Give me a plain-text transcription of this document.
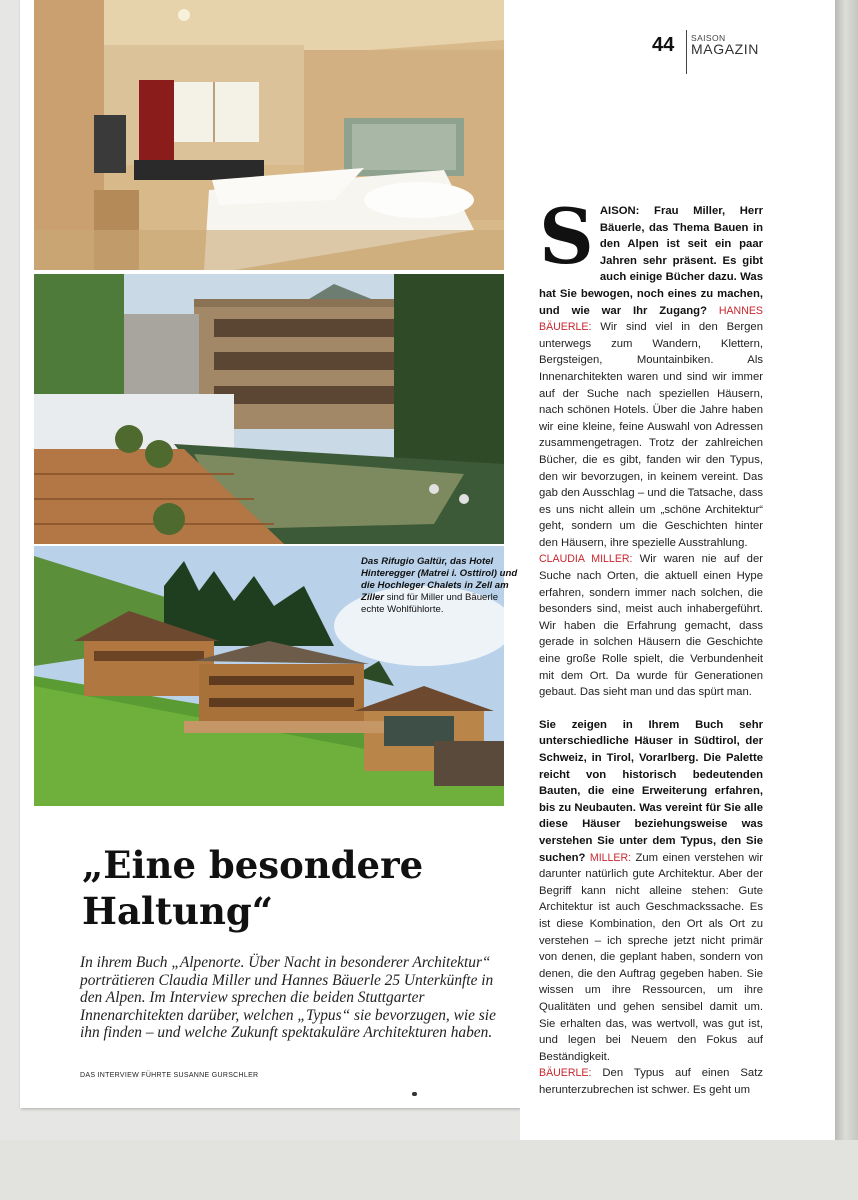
Das Rifugio Galtür, das Hotel Hinteregger (Matrei i. Osttirol) und die Hochleger Chalets in Zell am Ziller sind für Miller und Bäuerle echte Wohlfühlorte.
„Eine besondere
Haltung“

In ihrem Buch „Alpenorte. Über Nacht in besonderer Architektur“ porträtieren Claudia Miller und Hannes Bäuerle 25 Unterkünfte in den Alpen. Im Interview sprechen die beiden Stuttgarter Innenarchitekten darüber, welchen „Typus“ sie bevorzugen, wie sie ihn finden – und welche Zukunft spektakuläre Architekturen haben.

DAS INTERVIEW FÜHRTE SUSANNE GURSCHLER
44 SAISON
MAGAZIN

SAISON: Frau Miller, Herr Bäuerle, das Thema Bauen in den Alpen ist seit ein paar Jahren sehr präsent. Es gibt auch einige Bücher dazu. Was hat Sie bewogen, noch eines zu machen, und wie war Ihr Zugang? HANNES BÄUERLE: Wir sind viel in den Bergen unterwegs zum Wandern, Klettern, Bergsteigen, Mountainbiken. Als Innenarchitekten waren und sind wir immer auf der Suche nach speziellen Häusern, nach schönen Hotels. Über die Jahre haben wir eine kleine, feine Auswahl von Adressen zusammengetragen. Trotz der zahlreichen Bücher, die es gibt, fanden wir den Typus, den wir bevorzugen, in keinem vereint. Das gab den Ausschlag – und die Tatsache, dass es uns nicht allein um „schöne Architektur“ geht, sondern um die Geschichten hinter den Häusern, ihre spezielle Ausstrahlung.
CLAUDIA MILLER: Wir waren nie auf der Suche nach Orten, die aktuell einen Hype erfahren, sondern immer nach solchen, die besonders sind, meist auch inhabergeführt. Wir haben die Erfahrung gemacht, dass gerade in solchen Häusern die Geschichte eine große Rolle spielt, die Verbundenheit mit dem Ort. Da wurde für Generationen gebaut. Das sieht man und das spürt man.

Sie zeigen in Ihrem Buch sehr unterschiedliche Häuser in Südtirol, der Schweiz, in Tirol, Vorarlberg. Die Palette reicht von historisch bedeutenden Bauten, die eine Erweiterung erfahren, bis zu Neubauten. Was vereint für Sie alle diese Häuser beziehungsweise was verstehen Sie unter dem Typus, den Sie suchen? MILLER: Zum einen verstehen wir darunter natürlich gute Architektur. Aber der Begriff kann nicht alleine stehen: Gute Architektur ist auch Geschmackssache. Es ist diese Kombination, den Ort als Ort zu verstehen – ich spreche jetzt nicht primär von denen, die geplant haben, sondern von denen, die den Auftrag gegeben haben. Sie wissen um ihre Ressourcen, um ihre Qualitäten und gehen sensibel damit um. Sie erhalten das, was wertvoll, was gut ist, und legen bei Neuem den Fokus auf Beständigkeit.
BÄUERLE: Den Typus auf einen Satz herunterzubrechen ist schwer. Es geht um
